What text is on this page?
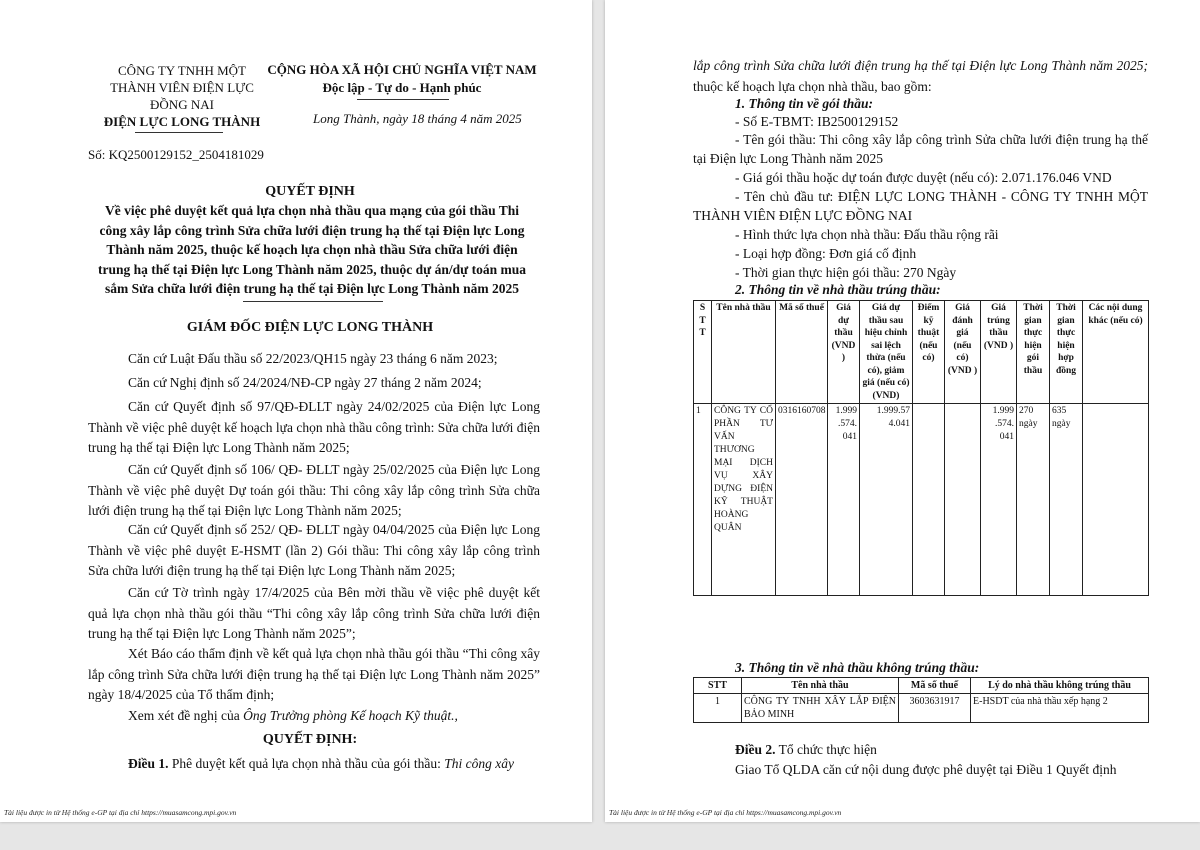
CÔNG TY TNHH MỘT
THÀNH VIÊN ĐIỆN LỰC
ĐỒNG NAI
ĐIỆN LỰC LONG THÀNH
CỘNG HÒA XÃ HỘI CHỦ NGHĨA VIỆT NAM
Độc lập - Tự do - Hạnh phúc
Long Thành, ngày 18 tháng 4 năm 2025
Số: KQ2500129152_2504181029
QUYẾT ĐỊNH
Về việc phê duyệt kết quả lựa chọn nhà thầu qua mạng của gói thầu Thi
công xây lắp công trình Sửa chữa lưới điện trung hạ thế tại Điện lực Long
Thành năm 2025, thuộc kế hoạch lựa chọn nhà thầu Sửa chữa lưới điện
trung hạ thế tại Điện lực Long Thành năm 2025, thuộc dự án/dự toán mua
sắm Sửa chữa lưới điện trung hạ thế tại Điện lực Long Thành năm 2025
GIÁM ĐỐC ĐIỆN LỰC LONG THÀNH
Căn cứ Luật Đấu thầu số 22/2023/QH15 ngày 23 tháng 6 năm 2023;
Căn cứ Nghị định số 24/2024/NĐ-CP ngày 27 tháng 2 năm 2024;
Căn cứ Quyết định số 97/QĐ-ĐLLT ngày 24/02/2025 của Điện lực Long Thành về việc phê duyệt kế hoạch lựa chọn nhà thầu công trình: Sửa chữa lưới điện trung hạ thế tại Điện lực Long Thành năm 2025;
Căn cứ Quyết định số 106/ QĐ- ĐLLT ngày 25/02/2025 của Điện lực Long Thành về việc phê duyệt Dự toán gói thầu: Thi công xây lắp công trình Sửa chữa lưới điện trung hạ thế tại Điện lực Long Thành năm 2025;
Căn cứ Quyết định số 252/ QĐ- ĐLLT ngày 04/04/2025 của Điện lực Long Thành về việc phê duyệt E-HSMT (lần 2) Gói thầu: Thi công xây lắp công trình Sửa chữa lưới điện trung hạ thế tại Điện lực Long Thành năm 2025;
Căn cứ Tờ trình ngày 17/4/2025 của Bên mời thầu về việc phê duyệt kết quả lựa chọn nhà thầu gói thầu “Thi công xây lắp công trình Sửa chữa lưới điện trung hạ thế tại Điện lực Long Thành năm 2025”;
Xét Báo cáo thẩm định về kết quả lựa chọn nhà thầu gói thầu “Thi công xây lắp công trình Sửa chữa lưới điện trung hạ thế tại Điện lực Long Thành năm 2025” ngày 18/4/2025 của Tổ thẩm định;
Xem xét đề nghị của Ông Trưởng phòng Kế hoạch Kỹ thuật.,
QUYẾT ĐỊNH:
Điều 1. Phê duyệt kết quả lựa chọn nhà thầu của gói thầu: Thi công xây
Tài liệu được in từ Hệ thống e-GP tại địa chỉ https://muasamcong.mpi.gov.vn
lắp công trình Sửa chữa lưới điện trung hạ thế tại Điện lực Long Thành năm 2025; thuộc kế hoạch lựa chọn nhà thầu, bao gồm:
1. Thông tin về gói thầu:
- Số E-TBMT: IB2500129152
- Tên gói thầu: Thi công xây lắp công trình Sửa chữa lưới điện trung hạ thế tại Điện lực Long Thành năm 2025
- Giá gói thầu hoặc dự toán được duyệt (nếu có): 2.071.176.046 VND
- Tên chủ đầu tư: ĐIỆN LỰC LONG THÀNH - CÔNG TY TNHH MỘT THÀNH VIÊN ĐIỆN LỰC ĐỒNG NAI
- Hình thức lựa chọn nhà thầu: Đấu thầu rộng rãi
- Loại hợp đồng: Đơn giá cố định
- Thời gian thực hiện gói thầu: 270 Ngày
2. Thông tin về nhà thầu trúng thầu:
S T T	Tên nhà thầu	Mã số thuế	Giá dự thầu (VND )	Giá dự thầu sau hiệu chỉnh sai lệch thừa (nếu có), giảm giá (nếu có) (VND)	Điểm kỹ thuật (nếu có)	Giá đánh giá (nếu có) (VND )	Giá trúng thầu (VND )	Thời gian thực hiện gói thầu	Thời gian thực hiện hợp đồng	Các nội dung khác (nếu có)
1	CÔNG TY CỔ PHẦN TƯ VẤN THƯƠNG MẠI DỊCH VỤ XÂY DỰNG ĐIỆN KỸ THUẬT HOÀNG QUÂN	0316160708	1.999 .574. 041	1.999.57 4.041			1.999 .574. 041	270 ngày	635 ngày	
3. Thông tin về nhà thầu không trúng thầu:
STT	Tên nhà thầu	Mã số thuế	Lý do nhà thầu không trúng thầu
1	CÔNG TY TNHH XÂY LẮP ĐIỆN BẢO MINH	3603631917	E-HSDT của nhà thầu xếp hạng 2
Điều 2. Tổ chức thực hiện
Giao Tổ QLDA căn cứ nội dung được phê duyệt tại Điều 1 Quyết định
Tài liệu được in từ Hệ thống e-GP tại địa chỉ https://muasamcong.mpi.gov.vn
